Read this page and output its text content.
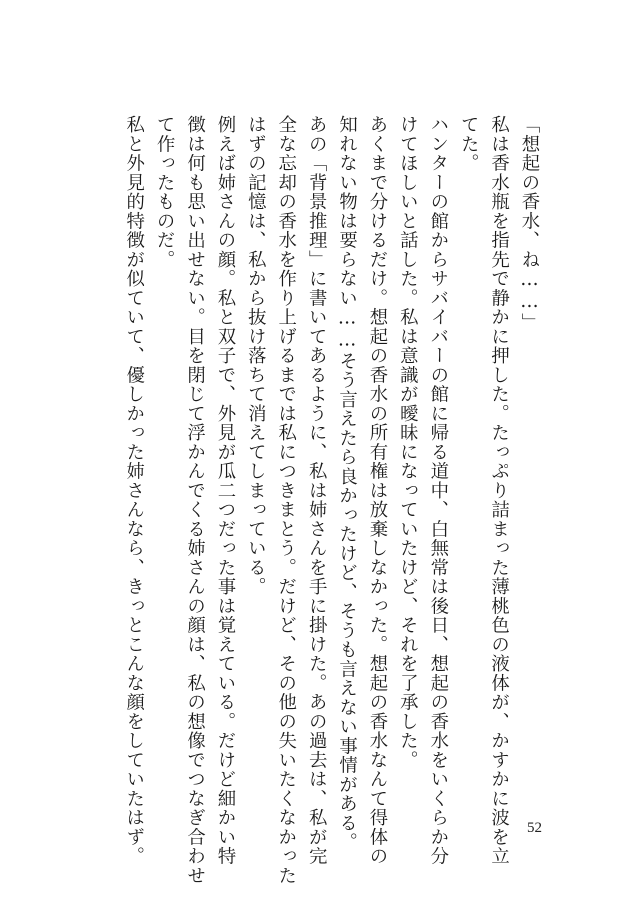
「想起の香水、ね……」

私は香水瓶を指先で静かに押した。たっぷり詰まった薄桃色の液体が、かすかに波を立

てた。

ハンターの館からサバイバーの館に帰る道中、白無常は後日、想起の香水をいくらか分

けてほしいと話した。私は意識が曖昧になっていたけど、それを了承した。

あくまで分けるだけ。想起の香水の所有権は放棄しなかった。想起の香水なんて得体の

知れない物は要らない……そう言えたら良かったけど、そうも言えない事情がある。

あの「背景推理」に書いてあるように、私は姉さんを手に掛けた。あの過去は、私が完

全な忘却の香水を作り上げるまでは私につきまとう。だけど、その他の失いたくなかった

はずの記憶は、私から抜け落ちて消えてしまっている。

例えば姉さんの顔。私と双子で、外見が瓜二つだった事は覚えている。だけど細かい特

徴は何も思い出せない。目を閉じて浮かんでくる姉さんの顔は、私の想像でつなぎ合わせ

て作ったものだ。

私と外見的特徴が似ていて、優しかった姉さんなら、きっとこんな顔をしていたはず。	52
